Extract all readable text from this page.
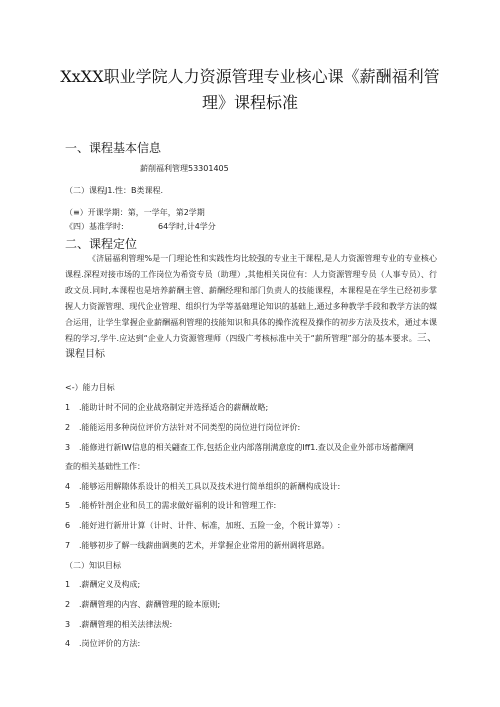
XxXX职业学院人力资源管理专业核心课《薪酬福利管
理》课程标准
一、课程基本信息
薪削福利管理53301405
（二）课程J1.性：B类课程.
（≡）开课学期：第，一学年，第2学期
《四）基准学时:	64学时,计4学分
二、课程定位
《济届福利管理%是一门理论性和实践性均比较强的专业主干课程,是人力资源管理专业的专业核心课程.深程对接市场的工作岗位为希资专员（助理）,其他相关岗位有：人力资源管理专员（人事专员）、行政文员.同时,本课程也是培养薪酬主管、薪酬经理和部门负责人的技能课程，本课程是在学生已经初步掌握人力资源管理、现代企业管理、组织行为学等基础理论知识的基础上,通过多种教学手段和教学方法的媒合运用，让学生掌握企业薪酬福利管理的技能知识和具体的操作流程及操作的初步方法及技术，通过本课程的学习,学牛.应达到“企业人力资源管理师（四级广考核标准中关于“薪所管理”部分的基本要求。三、课程目标
<-）能力目标
1 .能助计时不同的企业战珞制定并选择适合的薪酬故略;
2 .能能运用多种岗位评价方法针对不同类型的岗位进行岗位评价:
3 .能修进行新IW信息的相关翩查工作,包括企业内部落削满意度的Iff1.查以及企业外部市场蓄酬网
查的相关基础性工作：
4 .能够运用解隙体系设计的相关工具以及技术进行简单组织的新酬构成设计:
5 .能桥针剖企业和员工的需求做好福利的设计和管理工作:
6 .能好进行新卅计算（计时、计件、标准，加班、五险一金，个税计算等）:
7 .能够初步了解一线薪曲调奥的艺术，并掌握企业常用的新州调将思路。
（二）知识目标
1 .薪酬定义及构成;
2 .薪酬管理的内容、薪酬管理的睑本原则;
3 .薪酬管理的相关法律法规:
4 .岗位评价的方法:
